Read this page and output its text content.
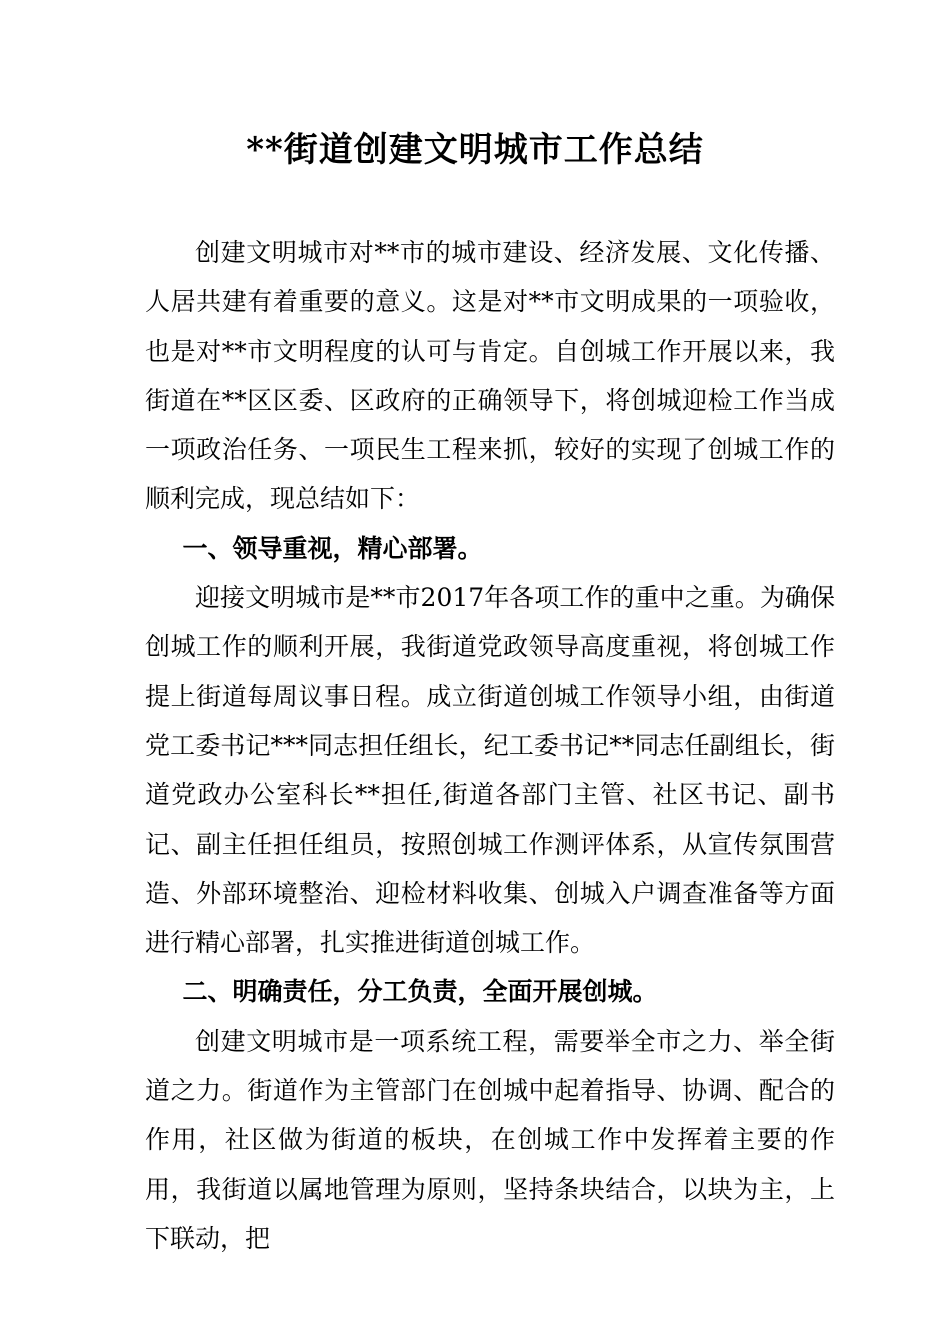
**街道创建文明城市工作总结

创建文明城市对**市的城市建设、经济发展、文化传播、人居共建有着重要的意义。这是对**市文明成果的一项验收，也是对**市文明程度的认可与肯定。自创城工作开展以来，我街道在**区区委、区政府的正确领导下，将创城迎检工作当成一项政治任务、一项民生工程来抓，较好的实现了创城工作的顺利完成，现总结如下：

一、领导重视，精心部署。

迎接文明城市是**市2017年各项工作的重中之重。为确保创城工作的顺利开展，我街道党政领导高度重视，将创城工作提上街道每周议事日程。成立街道创城工作领导小组，由街道党工委书记***同志担任组长，纪工委书记**同志任副组长，街道党政办公室科长**担任,街道各部门主管、社区书记、副书记、副主任担任组员，按照创城工作测评体系，从宣传氛围营造、外部环境整治、迎检材料收集、创城入户调查准备等方面进行精心部署，扎实推进街道创城工作。

二、明确责任，分工负责，全面开展创城。

创建文明城市是一项系统工程，需要举全市之力、举全街道之力。街道作为主管部门在创城中起着指导、协调、配合的作用，社区做为街道的板块，在创城工作中发挥着主要的作用，我街道以属地管理为原则，坚持条块结合，以块为主，上下联动，把
